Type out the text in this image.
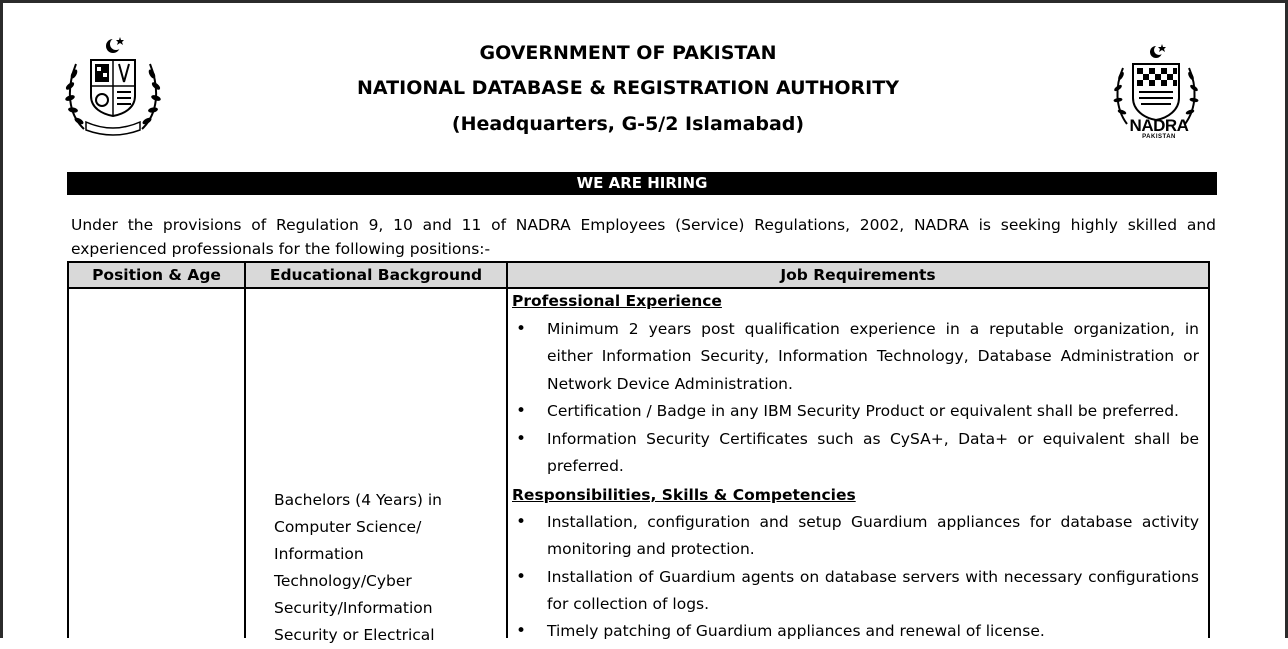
NADRA
PAKISTAN
GOVERNMENT OF PAKISTAN
NATIONAL DATABASE & REGISTRATION AUTHORITY
(Headquarters, G-5/2 Islamabad)
WE ARE HIRING
Under the provisions of Regulation 9, 10 and 11 of NADRA Employees (Service) Regulations, 2002, NADRA is seeking highly skilled and experienced professionals for the following positions:-
Position & Age	Educational Background	Job Requirements
Bachelors (4 Years) in
Computer Science/
Information
Technology/Cyber
Security/Information
Security or Electrical
Professional Experience
• Minimum 2 years post qualification experience in a reputable organization, in either Information Security, Information Technology, Database Administration or Network Device Administration.
• Certification / Badge in any IBM Security Product or equivalent shall be preferred.
• Information Security Certificates such as CySA+, Data+ or equivalent shall be preferred.
Responsibilities, Skills & Competencies
• Installation, configuration and setup Guardium appliances for database activity monitoring and protection.
• Installation of Guardium agents on database servers with necessary configurations for collection of logs.
• Timely patching of Guardium appliances and renewal of license.
